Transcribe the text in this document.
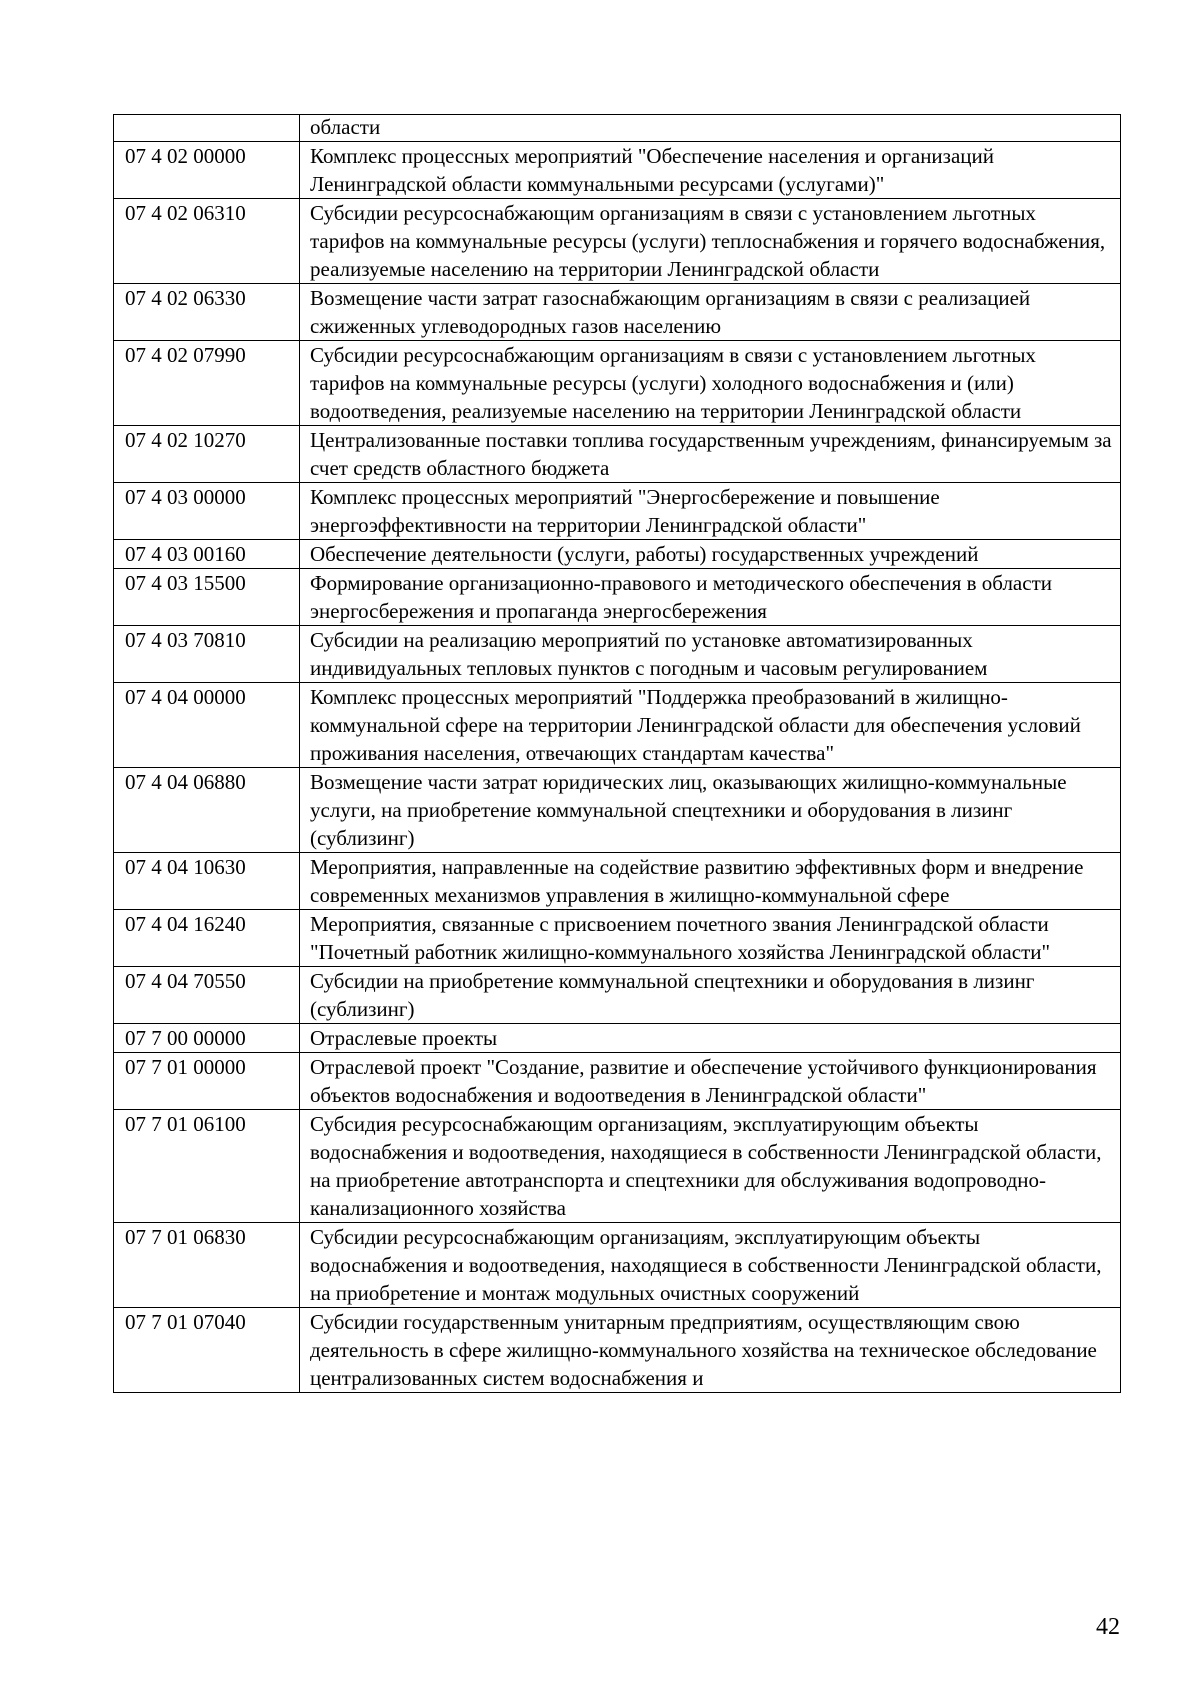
	области
07 4 02 00000	Комплекс процессных мероприятий "Обеспечение населения и организаций Ленинградской области коммунальными ресурсами (услугами)"
07 4 02 06310	Субсидии ресурсоснабжающим организациям в связи с установлением льготных тарифов на коммунальные ресурсы (услуги) теплоснабжения и горячего водоснабжения, реализуемые населению на территории Ленинградской области
07 4 02 06330	Возмещение части затрат газоснабжающим организациям в связи с реализацией сжиженных углеводородных газов населению
07 4 02 07990	Субсидии ресурсоснабжающим организациям в связи с установлением льготных тарифов на коммунальные ресурсы (услуги) холодного водоснабжения и (или) водоотведения, реализуемые населению на территории Ленинградской области
07 4 02 10270	Централизованные поставки топлива государственным учреждениям, финансируемым за счет средств областного бюджета
07 4 03 00000	Комплекс процессных мероприятий "Энергосбережение и повышение энергоэффективности на территории Ленинградской области"
07 4 03 00160	Обеспечение деятельности (услуги, работы) государственных учреждений
07 4 03 15500	Формирование организационно-правового и методического обеспечения в области энергосбережения и пропаганда энергосбережения
07 4 03 70810	Субсидии на реализацию мероприятий по установке автоматизированных индивидуальных тепловых пунктов с погодным и часовым регулированием
07 4 04 00000	Комплекс процессных мероприятий "Поддержка преобразований в жилищно-коммунальной сфере на территории Ленинградской области для обеспечения условий проживания населения, отвечающих стандартам качества"
07 4 04 06880	Возмещение части затрат юридических лиц, оказывающих жилищно-коммунальные услуги, на приобретение коммунальной спецтехники и оборудования в лизинг (сублизинг)
07 4 04 10630	Мероприятия, направленные на содействие развитию эффективных форм и внедрение современных механизмов управления в жилищно-коммунальной сфере
07 4 04 16240	Мероприятия, связанные с присвоением почетного звания Ленинградской области "Почетный работник жилищно-коммунального хозяйства Ленинградской области"
07 4 04 70550	Субсидии на приобретение коммунальной спецтехники и оборудования в лизинг (сублизинг)
07 7 00 00000	Отраслевые проекты
07 7 01 00000	Отраслевой проект "Создание, развитие и обеспечение устойчивого функционирования объектов водоснабжения и водоотведения в Ленинградской области"
07 7 01 06100	Субсидия ресурсоснабжающим организациям, эксплуатирующим объекты водоснабжения и водоотведения, находящиеся в собственности Ленинградской области, на приобретение автотранспорта и спецтехники для обслуживания водопроводно-канализационного хозяйства
07 7 01 06830	Субсидии ресурсоснабжающим организациям, эксплуатирующим объекты водоснабжения и водоотведения, находящиеся в собственности Ленинградской области, на приобретение и монтаж модульных очистных сооружений
07 7 01 07040	Субсидии государственным унитарным предприятиям, осуществляющим свою деятельность в сфере жилищно-коммунального хозяйства на техническое обследование централизованных систем водоснабжения и
42
